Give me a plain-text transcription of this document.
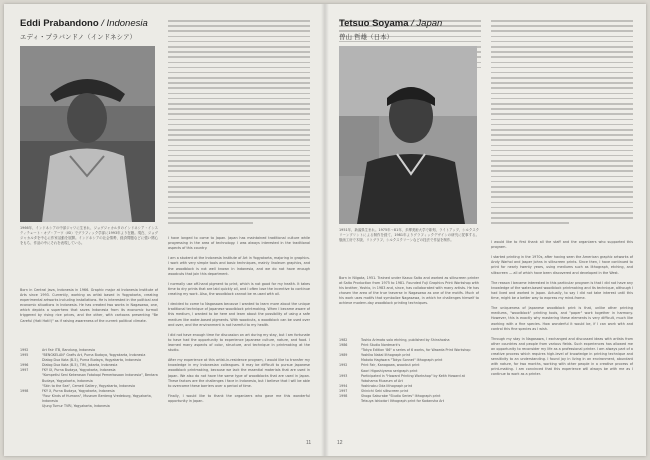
Eddi Prabandono / Indonesia
エディ・プラバンドノ（インドネシア）
1966年、インドネシアの中部ジャワに生まれ、ジョグジャカルタのインドネシア・インスティテュート・オブ・アーツ（ISI）でグラフィック学部に1993年より在籍。現在、ジョグジャカルタを中心に作家活動を展開。インドネシアの社会情勢、経済問題などに強い関心をもち、作品の中にそれを表現している。
Born in Central Java, Indonesia in 1966. Graphic major at Indonesia Institute of Arts since 1993. Currently, working as artist based in Yogyakarta, creating experimental artworks including installations. He is interested in the political and economic situations in Indonesia. He has created two works in Nagasawa, one, which depicts a superhero that saves Indonesia from its economic turmoil triggered by rising rice prices, and the other, with cartoons presenting "Be Careful (Hati Hati!)" as if raising awareness of the current political climate.
1992	Art Fair ITB, Bandung, Indonesia
1995	"BENGKELAN" Grafis Art, Purna Budaya, Yogyakarta, Indonesia
Dialog Dua Kota (B-5), Purna Budaya, Yogyakarta, Indonesia
1996	Dialog Dua Kota (B-5), TIM, Jakarta, Indonesia
1997	FKY IX, Purna Budaya, Yogyakarta, Indonesia
"Kompetisi Seni Kekerasan Fotokopi Pemerkosaan Indonesia", Bentara Budaya, Yogyakarta, Indonesia
"Skin to the Sea", Cemeti Gallery, Yogyakarta, Indonesia
1998	FKY X, Purna Budaya, Yogyakarta, Indonesia
"Four Kinds of Humans", Museum Benteng Vredeburg, Yogyakarta, Indonesia
Ujung Tumur TVRI, Yogyakarta, Indonesia
I have longed to come to Japan. Japan has maintained traditional culture while progressing in the area of technology. I was always interested in the traditional aspects of this country.

I am a student at the Indonesia Institute of Art in Yogyakarta, majoring in graphics. I work with very simple tools and basic techniques, mainly linoleum graphics, and the woodblock is not well known in Indonesia, and we do not have enough woodcuts that join this department.

I normally use off-hand pigment to print, which is not good for my health. It takes time to dry prints that are laid quickly oil, and I often lose the incentive to continue creating my work. Also, the woodblock cannot be re-used with oil.

I decided to come to Nagasawa because I wanted to learn more about the unique traditional technique of Japanese woodblock printmaking. When I became aware of this medium, I wanted to be here and learn about the possibility of using a safe medium like water-based pigments. With woodcuts, a woodblock can be used over and over, and the environment is not harmful to my health.

I did not have enough time for discussion on art during my stay, but I am fortunate to have had the opportunity to experience Japanese culture, nature, and food. I learned many aspects of color, structure, and technique in printmaking at the studio.

After my experience at this artist-in-residence program, I would like to transfer my knowledge in my Indonesian colleagues. It may be difficult to pursue Japanese woodblock printmaking, because we lack the essential materials that are used in Japan. We also do not have the same type of woodblocks that are used in Japan. These factors are the challenges I face in Indonesia, but I believe that I will be able to overcome these barriers over a period of time.

Finally, I would like to thank the organizers who gave me this wonderful opportunity in Japan.
11
Tetsuo Soyama / Japan
曽山 哲雄（日本）
1951年、新潟県生まれ。1975年～81年、多摩美術大学で彫刻、ライトアップ、シルクスクリーンプリントによる制作を経て、1981年よりグラフィックデザインの研究に従事する。版画工房で木版、リトグラフ、シルクスクリーンなどの技法で作品を制作。
Born in Niigata, 1951. Trained under Kazuo Saito and worked as silkscreen printer at Saito Production from 1975 to 1981. Founded Fuji Graphics Print Workshop with his brother, Yoshio, in 1983 and, since, has collaborated with many artists. He has chosen the area of the true traverse in Nagasawa as one of the motifs. Much of his work uses motifs that symbolize Nagasawa, in which he challenges himself to achieve modern-day woodblock printing techniques.
1982	Toshio Arimoto solo etching, published by Shinshosha
1986	Print Studio Nordmark's
"Tokyo Edition '86" a series of 6 works, for Waseda Print Workshop
1989	Yoshiko Nakai lithograph print
Makoto Hagiwara "Tokyo Sonnet" lithograph print
1992	Print Fair, Kanagawa, woodcut print
Kaori Higashiyama serigraph print
1993	Participated in "Howard Printing Workshop" by Keith Howard at Yokohama Museum of Art
1994	Yoshinobu Oda lithograph print
1997	Shinichi Seki silkscreen print
1998	Shogo Sakurabe "Studio Series" lithograph print
Tetsuya Ishiodori lithograph print for Kodansha Art
I would like to first thank all the staff and the organizers who supported this program.

I started printing in the 1970s, after having seen the American graphic artworks of Andy Warhol and Jasper Johns in silkscreen prints. Since then, I have continued to print for nearly twenty years, using mediums such as lithograph, etching, and silkscreen — all of which have been discovered and developed in the West.

The reason I became interested in this particular program is that I did not have any knowledge of the water-based woodblock printmaking and its technique, although I had lived and worked in Japan. Actually, to say I did not take interest until this time, might be a better way to express my mind-frame.

The uniqueness of Japanese woodblock print is that, unlike other printing mediums, "woodblock" printing tools, and "paper" work together in harmony. However, this is exactly why mastering these elements is very difficult, much like working with a fine species. How wonderful it would be, if I can work with and control this fine species as I wish.

Through my stay in Nagasawa, I exchanged and discussed ideas with artists from other countries and people from various fields. Such experiences has allowed me an opportunity to reconsider my life as a professional printer. I am always part of a creative process which requires high-level of knowledge in printing technique and sensitivity to an understanding. I found joy in living in an environment, abundant with nature, for two months, working with other people in a creative process of print-making. I am convinced that this experience will always be with me as I continue to work as a printer.
12
